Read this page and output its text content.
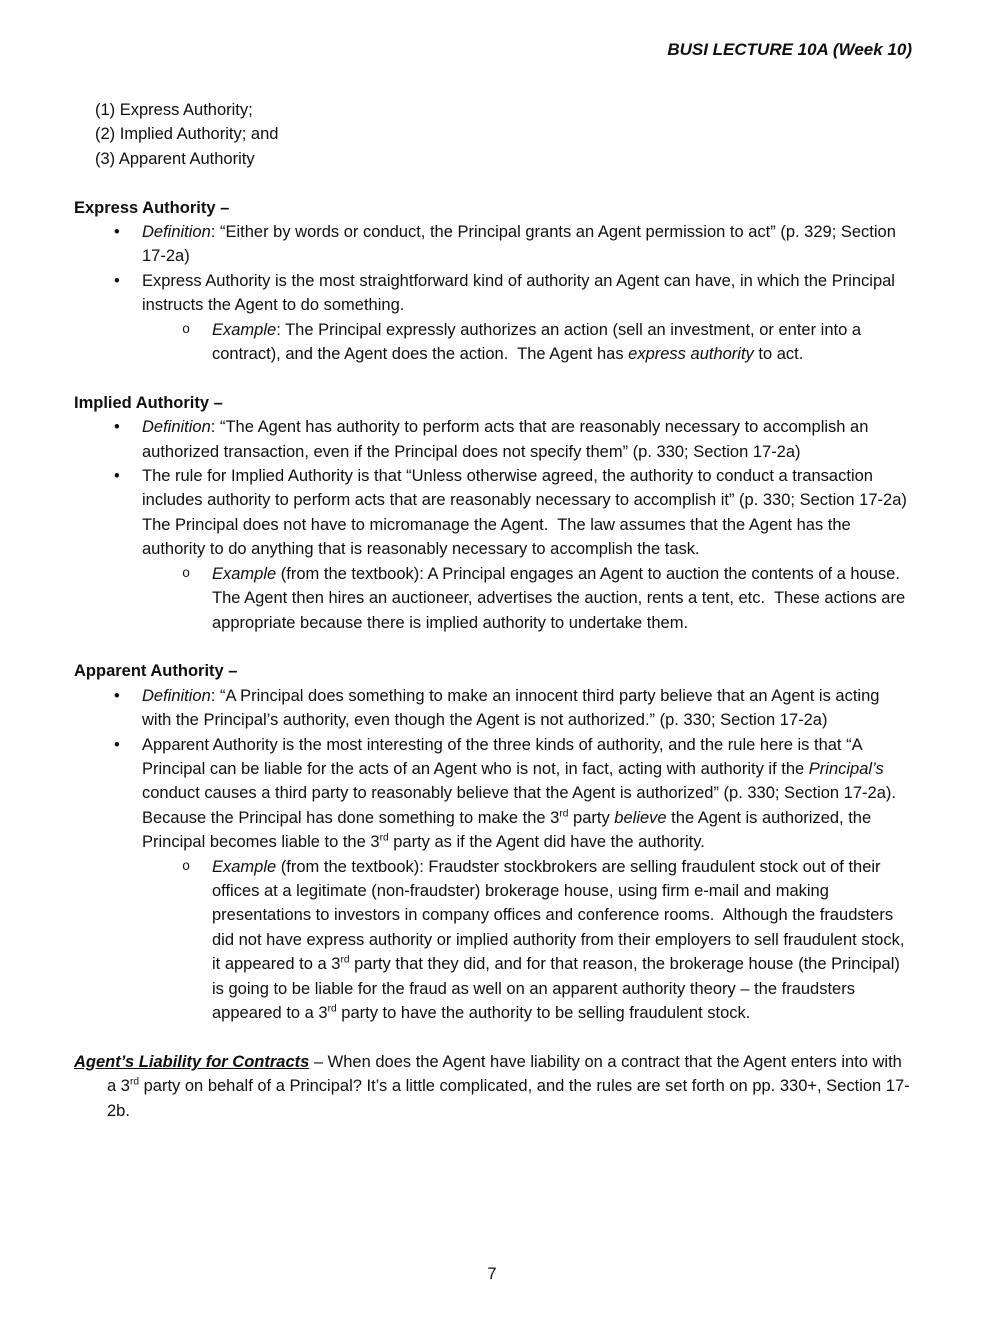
BUSI LECTURE 10A (Week 10)
(1) Express Authority;
(2) Implied Authority; and
(3) Apparent Authority
Express Authority –

• Definition: “Either by words or conduct, the Principal grants an Agent permission to act” (p. 329; Section 17-2a)

• Express Authority is the most straightforward kind of authority an Agent can have, in which the Principal instructs the Agent to do something.

o Example: The Principal expressly authorizes an action (sell an investment, or enter into a contract), and the Agent does the action.  The Agent has express authority to act.

Implied Authority –

• Definition: “The Agent has authority to perform acts that are reasonably necessary to accomplish an authorized transaction, even if the Principal does not specify them” (p. 330; Section 17-2a)

• The rule for Implied Authority is that “Unless otherwise agreed, the authority to conduct a transaction includes authority to perform acts that are reasonably necessary to accomplish it” (p. 330; Section 17-2a) The Principal does not have to micromanage the Agent.  The law assumes that the Agent has the authority to do anything that is reasonably necessary to accomplish the task.

o Example (from the textbook): A Principal engages an Agent to auction the contents of a house.  The Agent then hires an auctioneer, advertises the auction, rents a tent, etc.  These actions are appropriate because there is implied authority to undertake them.

Apparent Authority –

• Definition: “A Principal does something to make an innocent third party believe that an Agent is acting with the Principal’s authority, even though the Agent is not authorized.” (p. 330; Section 17-2a)

• Apparent Authority is the most interesting of the three kinds of authority, and the rule here is that “A Principal can be liable for the acts of an Agent who is not, in fact, acting with authority if the Principal’s conduct causes a third party to reasonably believe that the Agent is authorized” (p. 330; Section 17-2a).  Because the Principal has done something to make the 3rd party believe the Agent is authorized, the Principal becomes liable to the 3rd party as if the Agent did have the authority.

o Example (from the textbook): Fraudster stockbrokers are selling fraudulent stock out of their offices at a legitimate (non-fraudster) brokerage house, using firm e-mail and making presentations to investors in company offices and conference rooms.  Although the fraudsters did not have express authority or implied authority from their employers to sell fraudulent stock, it appeared to a 3rd party that they did, and for that reason, the brokerage house (the Principal) is going to be liable for the fraud as well on an apparent authority theory – the fraudsters appeared to a 3rd party to have the authority to be selling fraudulent stock.

Agent’s Liability for Contracts – When does the Agent have liability on a contract that the Agent enters into with a 3rd party on behalf of a Principal? It’s a little complicated, and the rules are set forth on pp. 330+, Section 17-2b.

7
